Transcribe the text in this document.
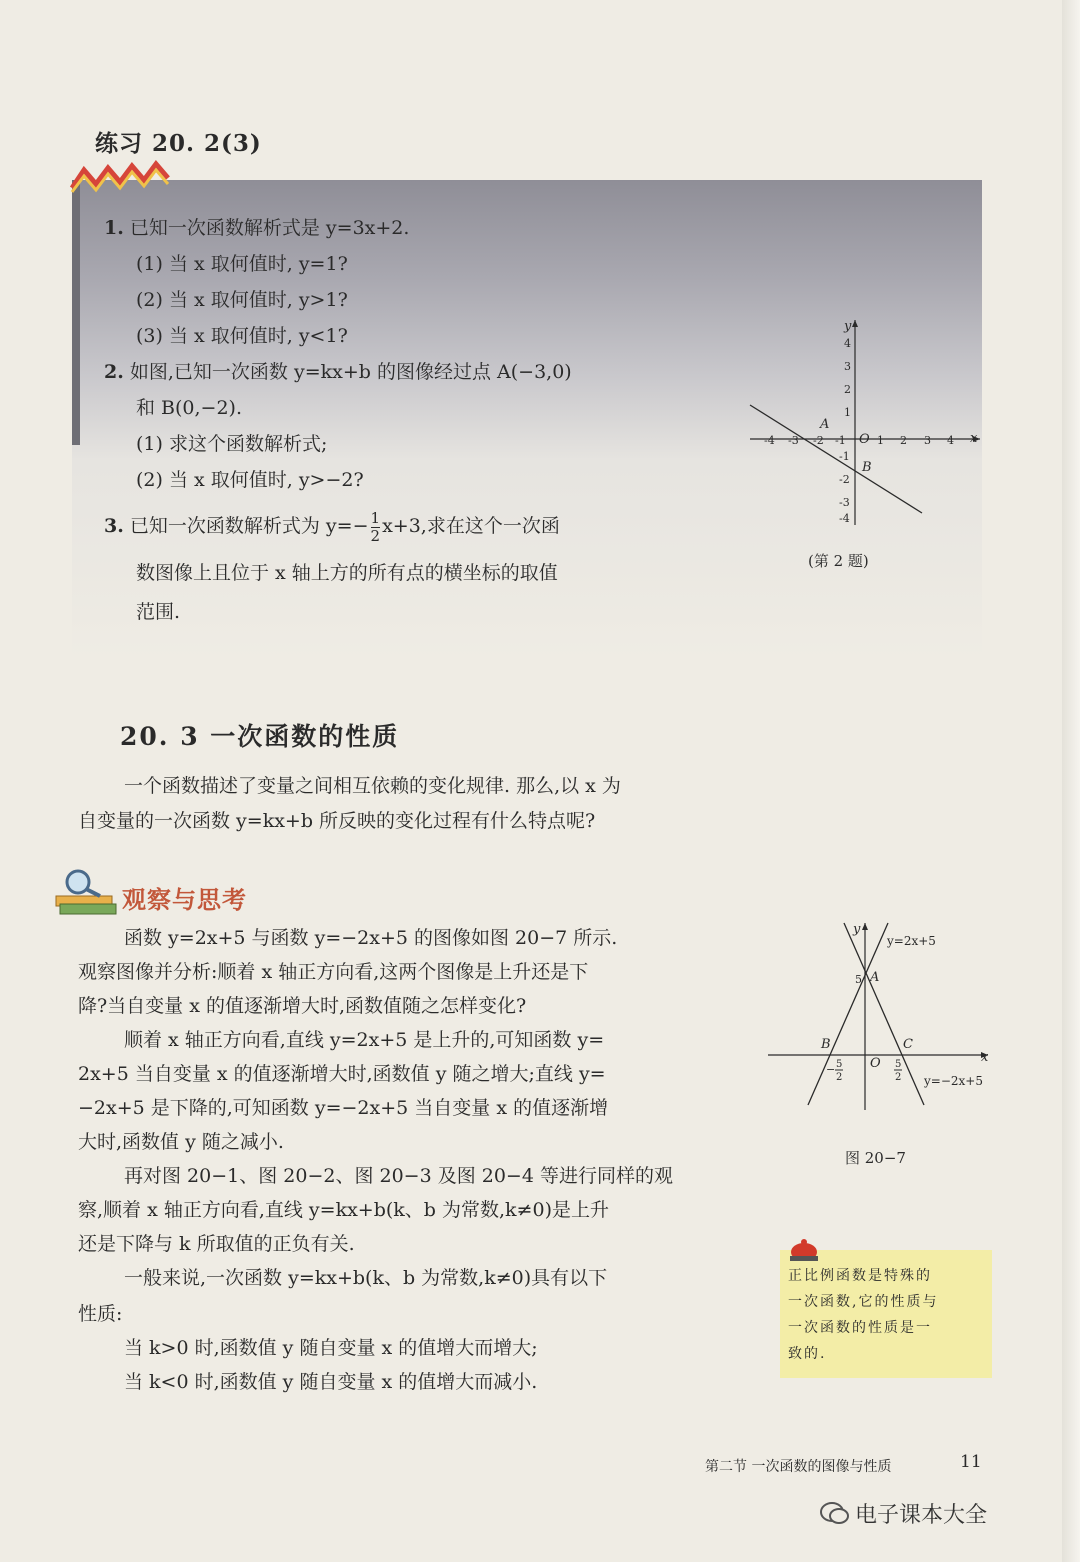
练习 20. 2(3)
1. 已知一次函数解析式是 y=3x+2.
(1) 当 x 取何值时, y=1?
(2) 当 x 取何值时, y>1?
(3) 当 x 取何值时, y<1?
2. 如图,已知一次函数 y=kx+b 的图像经过点 A(−3,0)
和 B(0,−2).
(1) 求这个函数解析式;
(2) 当 x 取何值时, y>−2?
3. 已知一次函数解析式为 $y=- \frac{1}{2} x+3$,求在这个一次函
数图像上且位于 x 轴上方的所有点的横坐标的取值
范围.
x
y
O
-4 -3 -2 -1	1 2 3 4
4
3
2
1
-1
-2
-3
-4
A
B
(第 2 题)
20. 3 一次函数的性质
一个函数描述了变量之间相互依赖的变化规律. 那么,以 x 为
自变量的一次函数 y=kx+b 所反映的变化过程有什么特点呢?
观察与思考
函数 y=2x+5 与函数 y=−2x+5 的图像如图 20−7 所示.
观察图像并分析:顺着 x 轴正方向看,这两个图像是上升还是下
降?当自变量 x 的值逐渐增大时,函数值随之怎样变化?
顺着 x 轴正方向看,直线 y=2x+5 是上升的,可知函数 y=
2x+5 当自变量 x 的值逐渐增大时,函数值 y 随之增大;直线 y=
−2x+5 是下降的,可知函数 y=−2x+5 当自变量 x 的值逐渐增
大时,函数值 y 随之减小.
再对图 20−1、图 20−2、图 20−3 及图 20−4 等进行同样的观
察,顺着 x 轴正方向看,直线 y=kx+b(k、b 为常数,k≠0)是上升
还是下降与 k 所取值的正负有关.
一般来说,一次函数 y=kx+b(k、b 为常数,k≠0)具有以下
性质:
当 k>0 时,函数值 y 随自变量 x 的值增大而增大;
当 k<0 时,函数值 y 随自变量 x 的值增大而减小.
x
y
O
y=2x+5
y=−2x+5
5 A
B	C
− 5
2
5
2
图 20−7
正比例函数是特殊的
一次函数,它的性质与
一次函数的性质是一
致的.
第二节 一次函数的图像与性质	11
电子课本大全
